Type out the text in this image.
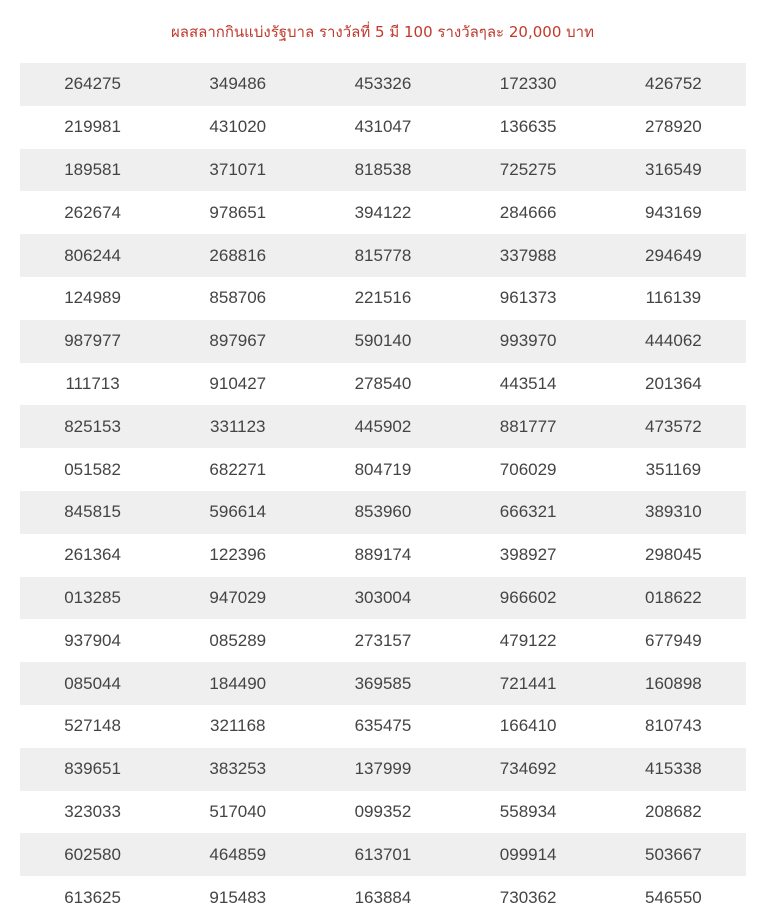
ผลสลากกินแบ่งรัฐบาล รางวัลที่ 5 มี 100 รางวัลๆละ 20,000 บาท
264275	349486	453326	172330	426752
219981	431020	431047	136635	278920
189581	371071	818538	725275	316549
262674	978651	394122	284666	943169
806244	268816	815778	337988	294649
124989	858706	221516	961373	116139
987977	897967	590140	993970	444062
111713	910427	278540	443514	201364
825153	331123	445902	881777	473572
051582	682271	804719	706029	351169
845815	596614	853960	666321	389310
261364	122396	889174	398927	298045
013285	947029	303004	966602	018622
937904	085289	273157	479122	677949
085044	184490	369585	721441	160898
527148	321168	635475	166410	810743
839651	383253	137999	734692	415338
323033	517040	099352	558934	208682
602580	464859	613701	099914	503667
613625	915483	163884	730362	546550
